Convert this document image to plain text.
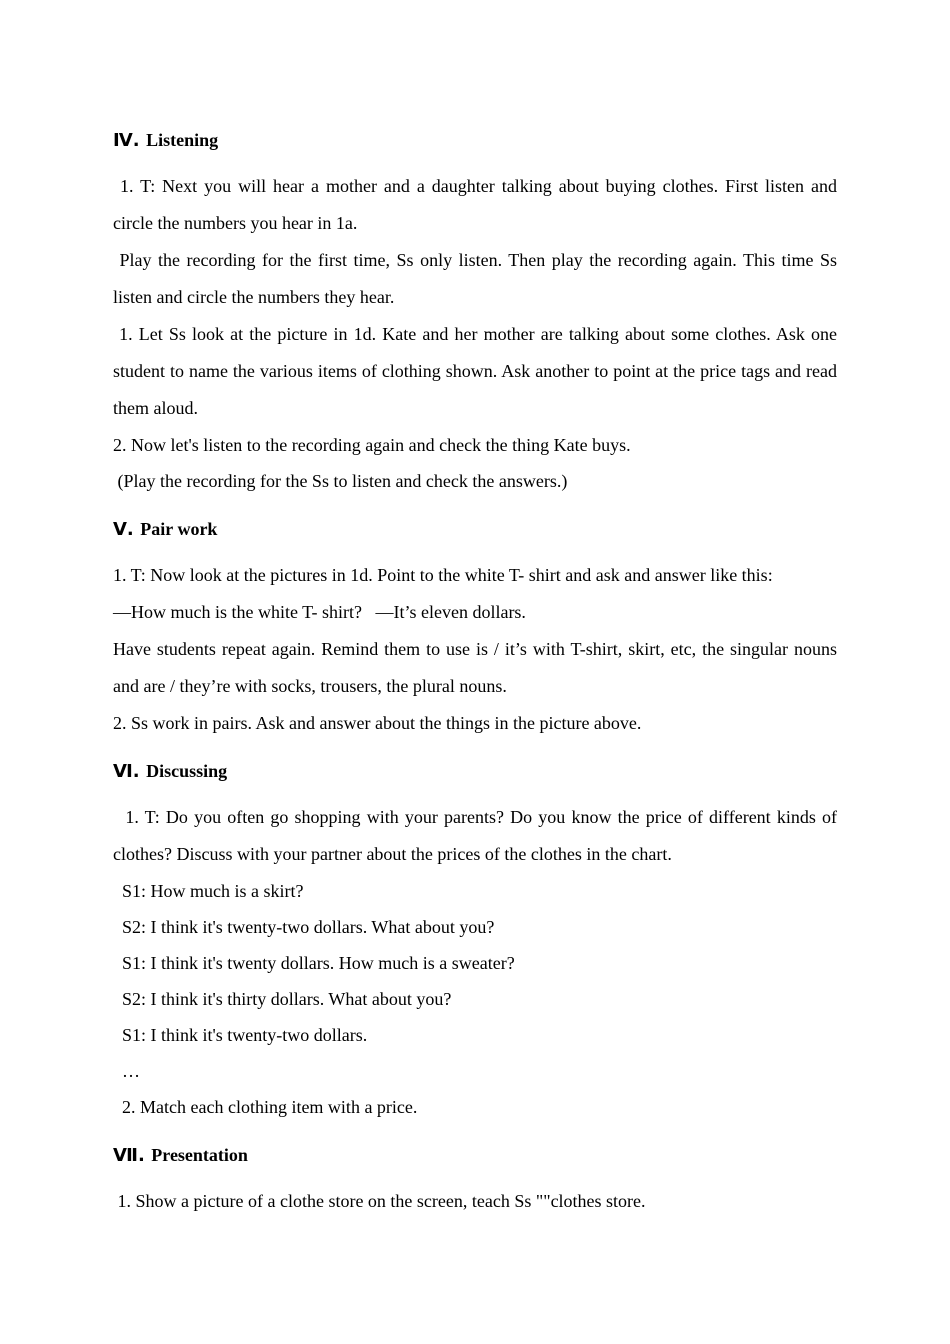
Ⅳ. Listening

1. T: Next you will hear a mother and a daughter talking about buying clothes. First listen and circle the numbers you hear in 1a.

Play the recording for the first time, Ss only listen. Then play the recording again. This time Ss listen and circle the numbers they hear.

1. Let Ss look at the picture in 1d. Kate and her mother are talking about some clothes. Ask one student to name the various items of clothing shown. Ask another to point at the price tags and read them aloud.

2. Now let's listen to the recording again and check the thing Kate buys.

(Play the recording for the Ss to listen and check the answers.)

Ⅴ. Pair work

1. T: Now look at the pictures in 1d. Point to the white T- shirt and ask and answer like this:

—How much is the white T- shirt?   —It’s eleven dollars.

Have students repeat again. Remind them to use is / it’s with T-shirt, skirt, etc, the singular nouns and are / they’re with socks, trousers, the plural nouns.

2. Ss work in pairs. Ask and answer about the things in the picture above.

Ⅵ. Discussing

1. T: Do you often go shopping with your parents? Do you know the price of different kinds of clothes? Discuss with your partner about the prices of the clothes in the chart.

S1: How much is a skirt?

S2: I think it's twenty-two dollars. What about you?

S1: I think it's twenty dollars. How much is a sweater?

S2: I think it's thirty dollars. What about you?

S1: I think it's twenty-two dollars.

…

2. Match each clothing item with a price.

Ⅶ. Presentation

1. Show a picture of a clothe store on the screen, teach Ss ""clothes store.
